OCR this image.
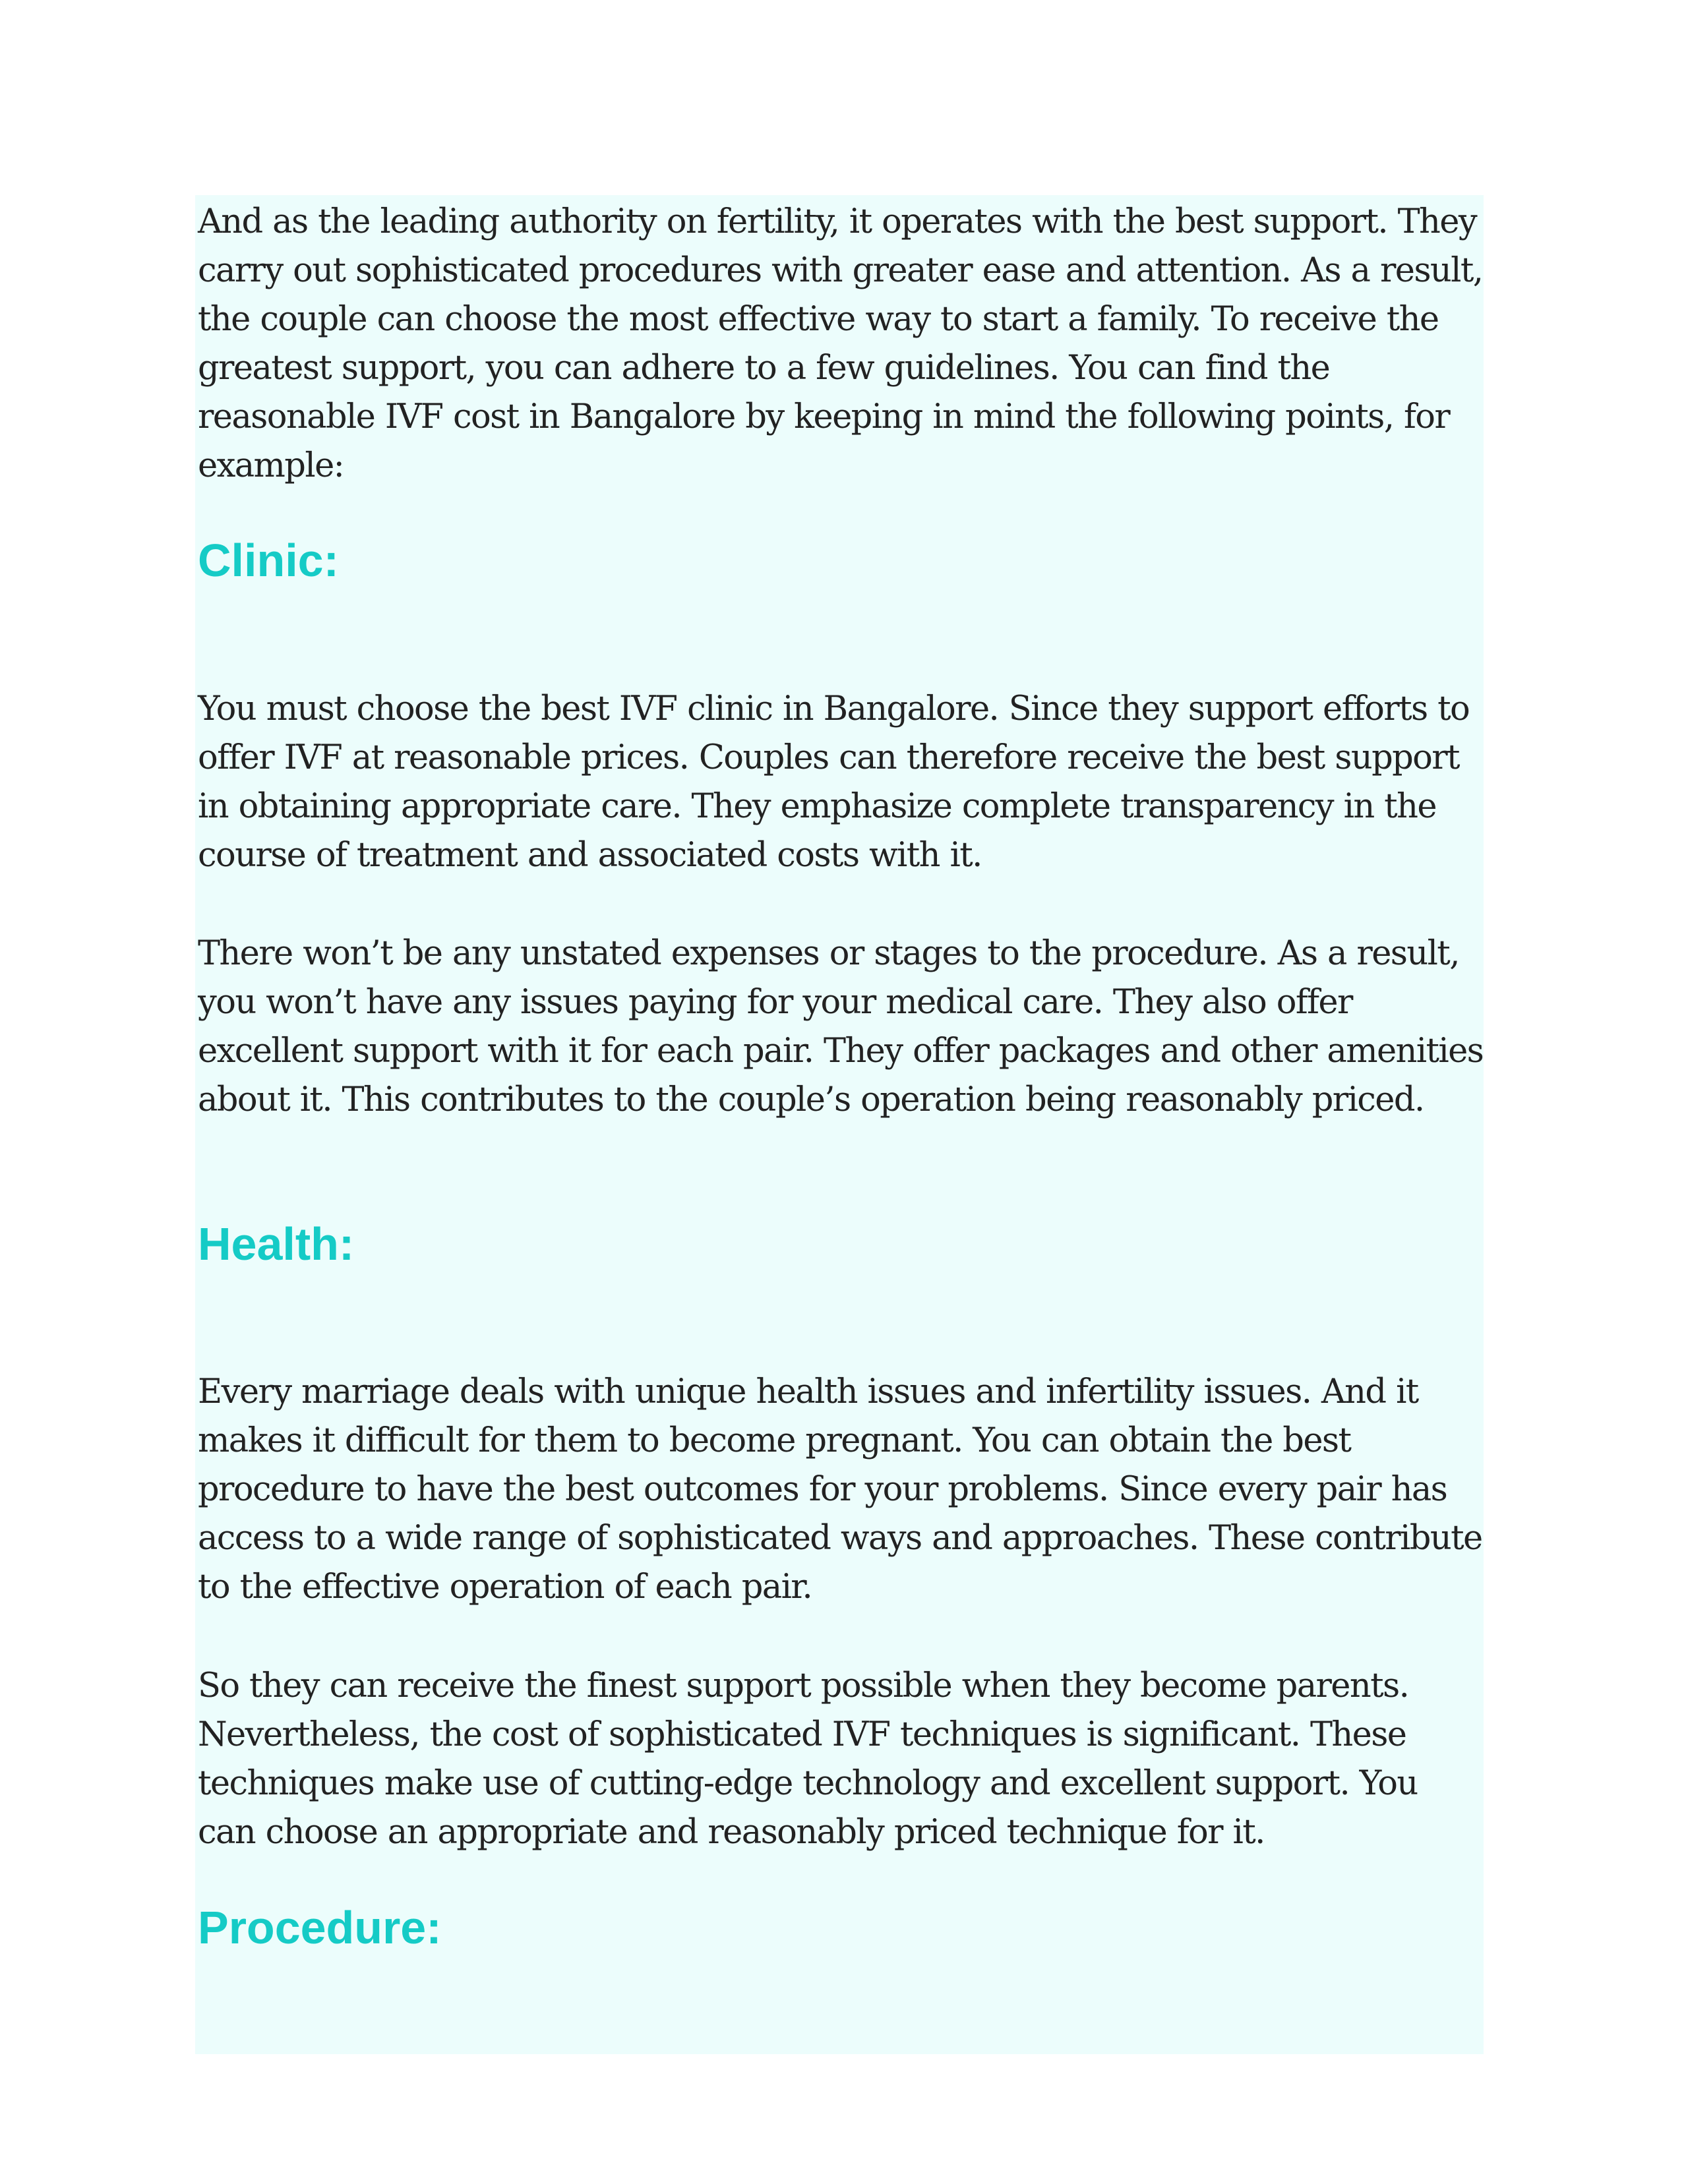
And as the leading authority on fertility, it operates with the best support. They carry out sophisticated procedures with greater ease and attention. As a result, the couple can choose the most effective way to start a family. To receive the greatest support, you can adhere to a few guidelines. You can find the reasonable IVF cost in Bangalore by keeping in mind the following points, for example:

Clinic:

You must choose the best IVF clinic in Bangalore. Since they support efforts to offer IVF at reasonable prices. Couples can therefore receive the best support in obtaining appropriate care. They emphasize complete transparency in the course of treatment and associated costs with it.

There won’t be any unstated expenses or stages to the procedure. As a result, you won’t have any issues paying for your medical care. They also offer excellent support with it for each pair. They offer packages and other amenities about it. This contributes to the couple’s operation being reasonably priced.

Health:

Every marriage deals with unique health issues and infertility issues. And it makes it difficult for them to become pregnant. You can obtain the best procedure to have the best outcomes for your problems. Since every pair has access to a wide range of sophisticated ways and approaches. These contribute to the effective operation of each pair.

So they can receive the finest support possible when they become parents. Nevertheless, the cost of sophisticated IVF techniques is significant. These techniques make use of cutting-edge technology and excellent support. You can choose an appropriate and reasonably priced technique for it.

Procedure:
